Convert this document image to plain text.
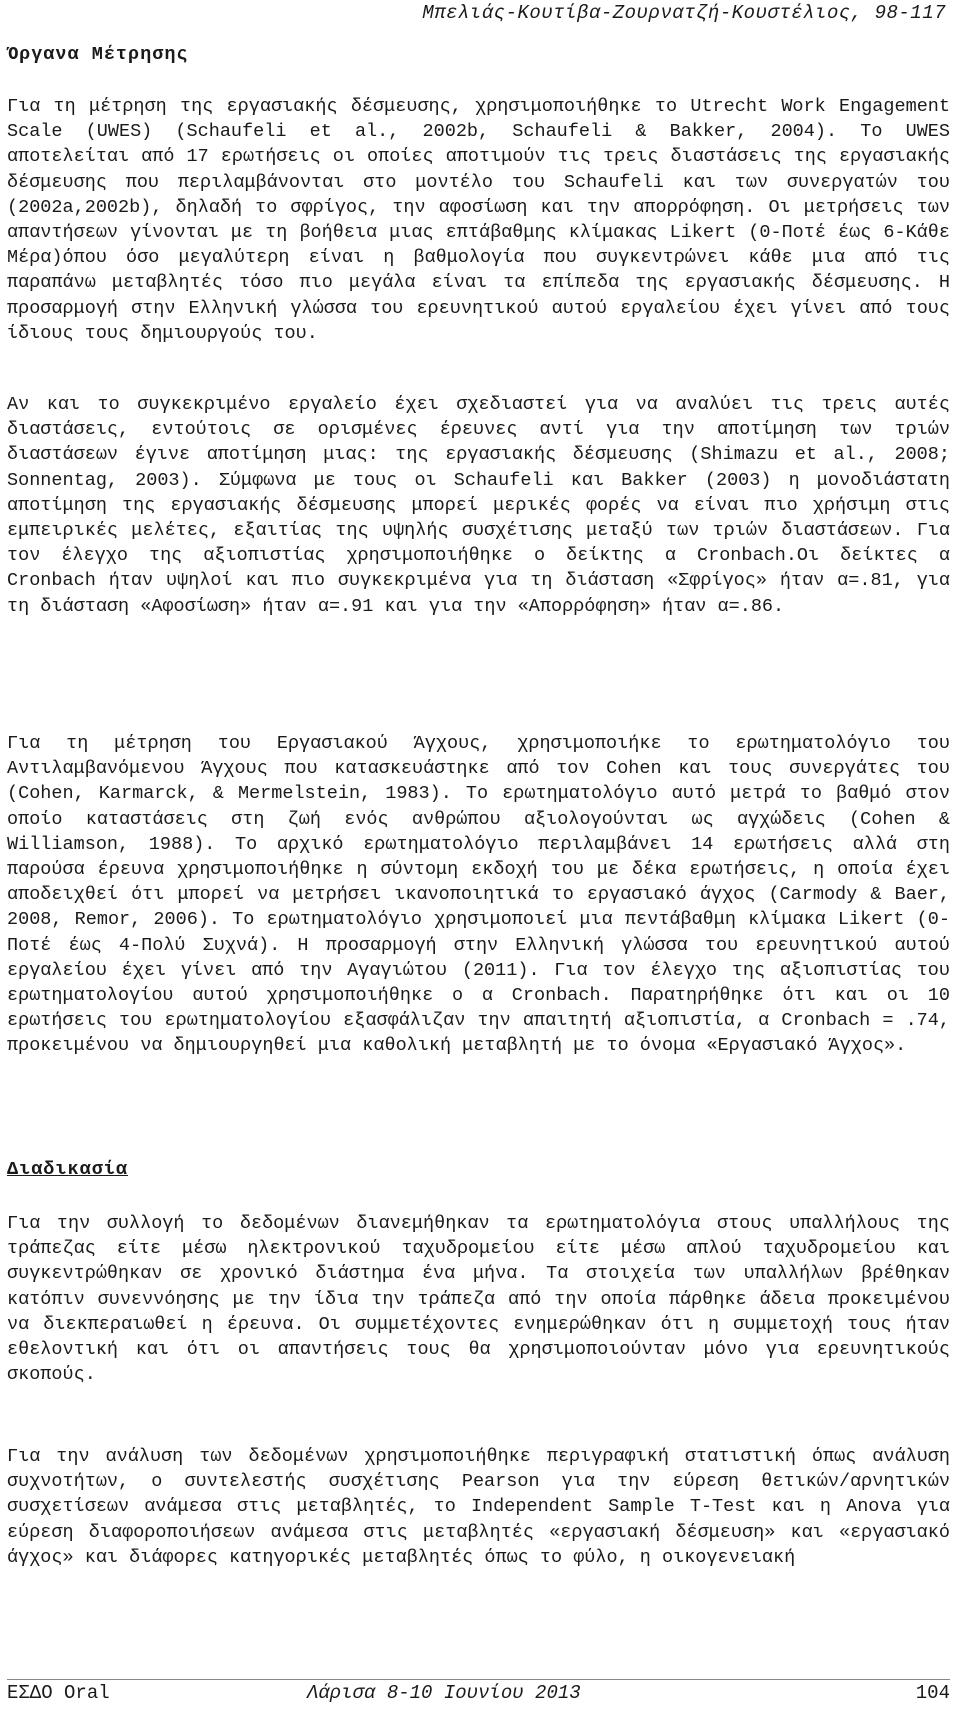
Μπελιάς-Κουτίβα-Ζουρνατζή-Κουστέλιος, 98-117
Όργανα Μέτρησης

Για τη μέτρηση της εργασιακής δέσμευσης, χρησιμοποιήθηκε το Utrecht Work Engagement Scale (UWES) (Schaufeli et al., 2002b, Schaufeli & Bakker, 2004). Το UWES αποτελείται από 17 ερωτήσεις οι οποίες αποτιμούν τις τρεις διαστάσεις της εργασιακής δέσμευσης που περιλαμβάνονται στο μοντέλο του Schaufeli και των συνεργατών του (2002a,2002b), δηλαδή το σφρίγος, την αφοσίωση και την απορρόφηση. Οι μετρήσεις των απαντήσεων γίνονται με τη βοήθεια μιας επτάβαθμης κλίμακας Likert (0-Ποτέ έως 6-Κάθε Μέρα)όπου όσο μεγαλύτερη είναι η βαθμολογία που συγκεντρώνει κάθε μια από τις παραπάνω μεταβλητές τόσο πιο μεγάλα είναι τα επίπεδα της εργασιακής δέσμευσης. Η προσαρμογή στην Ελληνική γλώσσα του ερευνητικού αυτού εργαλείου έχει γίνει από τους ίδιους τους δημιουργούς του.

Αν και το συγκεκριμένο εργαλείο έχει σχεδιαστεί για να αναλύει τις τρεις αυτές διαστάσεις, εντούτοις σε ορισμένες έρευνες αντί για την αποτίμηση των τριών διαστάσεων έγινε αποτίμηση μιας: της εργασιακής δέσμευσης (Shimazu et al., 2008; Sonnentag, 2003). Σύμφωνα με τους οι Schaufeli και Bakker (2003) η μονοδιάστατη αποτίμηση της εργασιακής δέσμευσης μπορεί μερικές φορές να είναι πιο χρήσιμη στις εμπειρικές μελέτες, εξαιτίας της υψηλής συσχέτισης μεταξύ των τριών διαστάσεων. Για τον έλεγχο της αξιοπιστίας χρησιμοποιήθηκε ο δείκτης α Cronbach.Οι δείκτες α Cronbach ήταν υψηλοί και πιο συγκεκριμένα για τη διάσταση «Σφρίγος» ήταν α=.81, για τη διάσταση «Αφοσίωση» ήταν α=.91 και για την «Απορρόφηση» ήταν α=.86.

Για τη μέτρηση του Εργασιακού Άγχους, χρησιμοποιήκε το ερωτηματολόγιο του Αντιλαμβανόμενου Άγχους που κατασκευάστηκε από τον Cohen και τους συνεργάτες του (Cohen, Karmarck, & Mermelstein, 1983). Το ερωτηματολόγιο αυτό μετρά το βαθμό στον οποίο καταστάσεις στη ζωή ενός ανθρώπου αξιολογούνται ως αγχώδεις (Cohen & Williamson, 1988). Το αρχικό ερωτηματολόγιο περιλαμβάνει 14 ερωτήσεις αλλά στη παρούσα έρευνα χρησιμοποιήθηκε η σύντομη εκδοχή του με δέκα ερωτήσεις, η οποία έχει αποδειχθεί ότι μπορεί να μετρήσει ικανοποιητικά το εργασιακό άγχος (Carmody & Baer, 2008, Remor, 2006). Το ερωτηματολόγιο χρησιμοποιεί μια πεντάβαθμη κλίμακα Likert (0-Ποτέ έως 4-Πολύ Συχνά). Η προσαρμογή στην Ελληνική γλώσσα του ερευνητικού αυτού εργαλείου έχει γίνει από την Αγαγιώτου (2011). Για τον έλεγχο της αξιοπιστίας του ερωτηματολογίου αυτού χρησιμοποιήθηκε ο α Cronbach. Παρατηρήθηκε ότι και οι 10 ερωτήσεις του ερωτηματολογίου εξασφάλιζαν την απαιτητή αξιοπιστία, α Cronbach = .74, προκειμένου να δημιουργηθεί μια καθολική μεταβλητή με το όνομα «Εργασιακό Άγχος».

Διαδικασία

Για την συλλογή το δεδομένων διανεμήθηκαν τα ερωτηματολόγια στους υπαλλήλους της τράπεζας είτε μέσω ηλεκτρονικού ταχυδρομείου είτε μέσω απλού ταχυδρομείου και συγκεντρώθηκαν σε χρονικό διάστημα ένα μήνα. Τα στοιχεία των υπαλλήλων βρέθηκαν κατόπιν συνεννόησης με την ίδια την τράπεζα από την οποία πάρθηκε άδεια προκειμένου να διεκπεραιωθεί η έρευνα. Οι συμμετέχοντες ενημερώθηκαν ότι η συμμετοχή τους ήταν εθελοντική και ότι οι απαντήσεις τους θα χρησιμοποιούνταν μόνο για ερευνητικούς σκοπούς.

Για την ανάλυση των δεδομένων χρησιμοποιήθηκε περιγραφική στατιστική όπως ανάλυση συχνοτήτων, ο συντελεστής συσχέτισης Pearson για την εύρεση θετικών/αρνητικών συσχετίσεων ανάμεσα στις μεταβλητές, το Independent Sample T-Test και η Anova για εύρεση διαφοροποιήσεων ανάμεσα στις μεταβλητές «εργασιακή δέσμευση» και «εργασιακό άγχος» και διάφορες κατηγορικές μεταβλητές όπως το φύλο, η οικογενειακή

ΕΣΔΟ Oral	Λάρισα 8-10 Ιουνίου 2013	104
